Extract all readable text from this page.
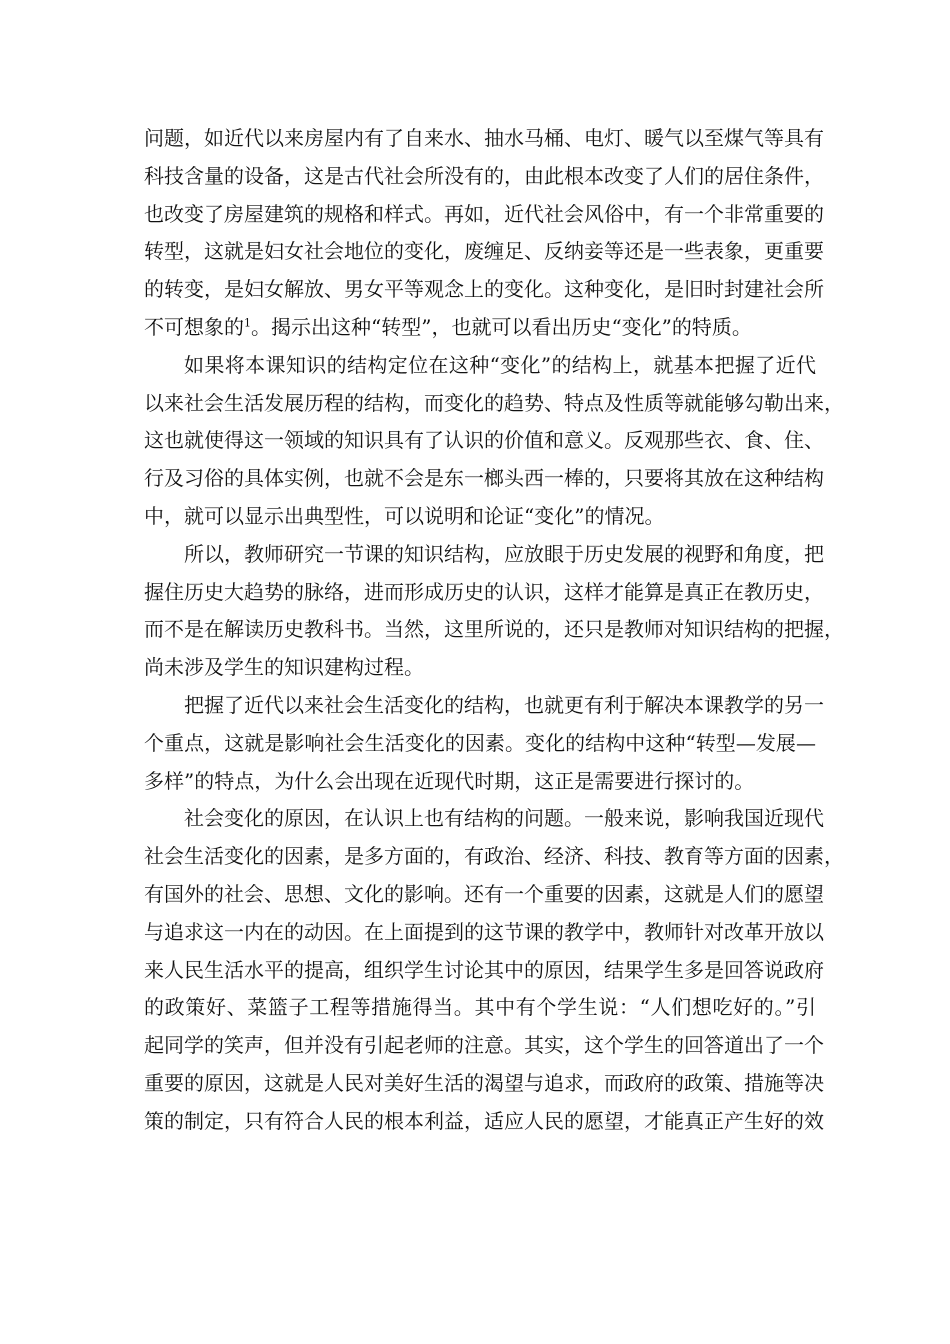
问题，如近代以来房屋内有了自来水、抽水马桶、电灯、暖气以至煤气等具有
科技含量的设备，这是古代社会所没有的，由此根本改变了人们的居住条件，
也改变了房屋建筑的规格和样式。再如，近代社会风俗中，有一个非常重要的
转型，这就是妇女社会地位的变化，废缠足、反纳妾等还是一些表象，更重要
的转变，是妇女解放、男女平等观念上的变化。这种变化，是旧时封建社会所
不可想象的$^1$。揭示出这种“转型”，也就可以看出历史“变化”的特质。
如果将本课知识的结构定位在这种“变化”的结构上，就基本把握了近代
以来社会生活发展历程的结构，而变化的趋势、特点及性质等就能够勾勒出来，
这也就使得这一领域的知识具有了认识的价值和意义。反观那些衣、食、住、
行及习俗的具体实例，也就不会是东一榔头西一棒的，只要将其放在这种结构
中，就可以显示出典型性，可以说明和论证“变化”的情况。
所以，教师研究一节课的知识结构，应放眼于历史发展的视野和角度，把
握住历史大趋势的脉络，进而形成历史的认识，这样才能算是真正在教历史，
而不是在解读历史教科书。当然，这里所说的，还只是教师对知识结构的把握，
尚未涉及学生的知识建构过程。
把握了近代以来社会生活变化的结构，也就更有利于解决本课教学的另一
个重点，这就是影响社会生活变化的因素。变化的结构中这种“转型—发展—
多样”的特点，为什么会出现在近现代时期，这正是需要进行探讨的。
社会变化的原因，在认识上也有结构的问题。一般来说，影响我国近现代
社会生活变化的因素，是多方面的，有政治、经济、科技、教育等方面的因素，
有国外的社会、思想、文化的影响。还有一个重要的因素，这就是人们的愿望
与追求这一内在的动因。在上面提到的这节课的教学中，教师针对改革开放以
来人民生活水平的提高，组织学生讨论其中的原因，结果学生多是回答说政府
的政策好、菜篮子工程等措施得当。其中有个学生说：“人们想吃好的。”引
起同学的笑声，但并没有引起老师的注意。其实，这个学生的回答道出了一个
重要的原因，这就是人民对美好生活的渴望与追求，而政府的政策、措施等决
策的制定，只有符合人民的根本利益，适应人民的愿望，才能真正产生好的效
